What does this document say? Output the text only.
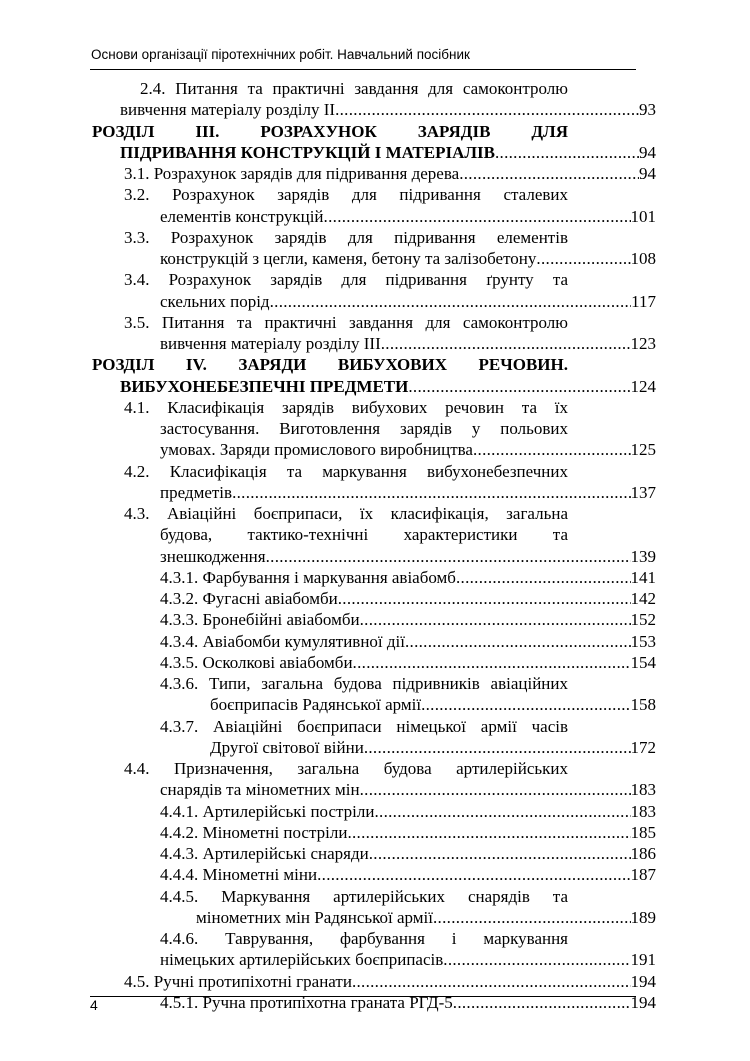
Основи організації піротехнічних робіт. Навчальний посібник
2.4. Питання та практичні завдання для самоконтролю
вивчення матеріалу розділу ІІ .....	93
РОЗДІЛ ІІІ. РОЗРАХУНОК ЗАРЯДІВ ДЛЯ
ПІДРИВАННЯ КОНСТРУКЦІЙ І МАТЕРІАЛІВ .....	94
3.1. Розрахунок зарядів для підривання дерева .....	94
3.2. Розрахунок зарядів для підривання сталевих
елементів конструкцій .....	101
3.3. Розрахунок зарядів для підривання елементів
конструкцій з цегли, каменя, бетону та залізобетону .....	108
3.4. Розрахунок зарядів для підривання ґрунту та
скельних порід .....	117
3.5. Питання та практичні завдання для самоконтролю
вивчення матеріалу розділу ІІІ .....	123
РОЗДІЛ IV. ЗАРЯДИ ВИБУХОВИХ РЕЧОВИН.
ВИБУХОНЕБЕЗПЕЧНІ ПРЕДМЕТИ .....	124
4.1. Класифікація зарядів вибухових речовин та їх
застосування. Виготовлення зарядів у польових
умовах. Заряди промислового виробництва .....	125
4.2. Класифікація та маркування вибухонебезпечних
предметів .....	137
4.3. Авіаційні боєприпаси, їх класифікація, загальна
будова, тактико-технічні характеристики та
знешкодження .....	139
4.3.1. Фарбування і маркування авіабомб .....	141
4.3.2. Фугасні авіабомби .....	142
4.3.3. Бронебійні авіабомби .....	152
4.3.4. Авіабомби кумулятивної дії .....	153
4.3.5. Осколкові авіабомби .....	154
4.3.6. Типи, загальна будова підривників авіаційних
боєприпасів Радянської армії .....	158
4.3.7. Авіаційні боєприпаси німецької армії часів
Другої світової війни .....	172
4.4. Призначення, загальна будова артилерійських
снарядів та мінометних мін .....	183
4.4.1. Артилерійські постріли .....	183
4.4.2. Мінометні постріли .....	185
4.4.3. Артилерійські снаряди .....	186
4.4.4. Мінометні міни .....	187
4.4.5. Маркування артилерійських снарядів та
мінометних мін Радянської армії .....	189
4.4.6. Таврування, фарбування і маркування
німецьких артилерійських боєприпасів .....	191
4.5. Ручні протипіхотні гранати .....	194
4.5.1. Ручна протипіхотна граната РГД-5 .....	194
4
